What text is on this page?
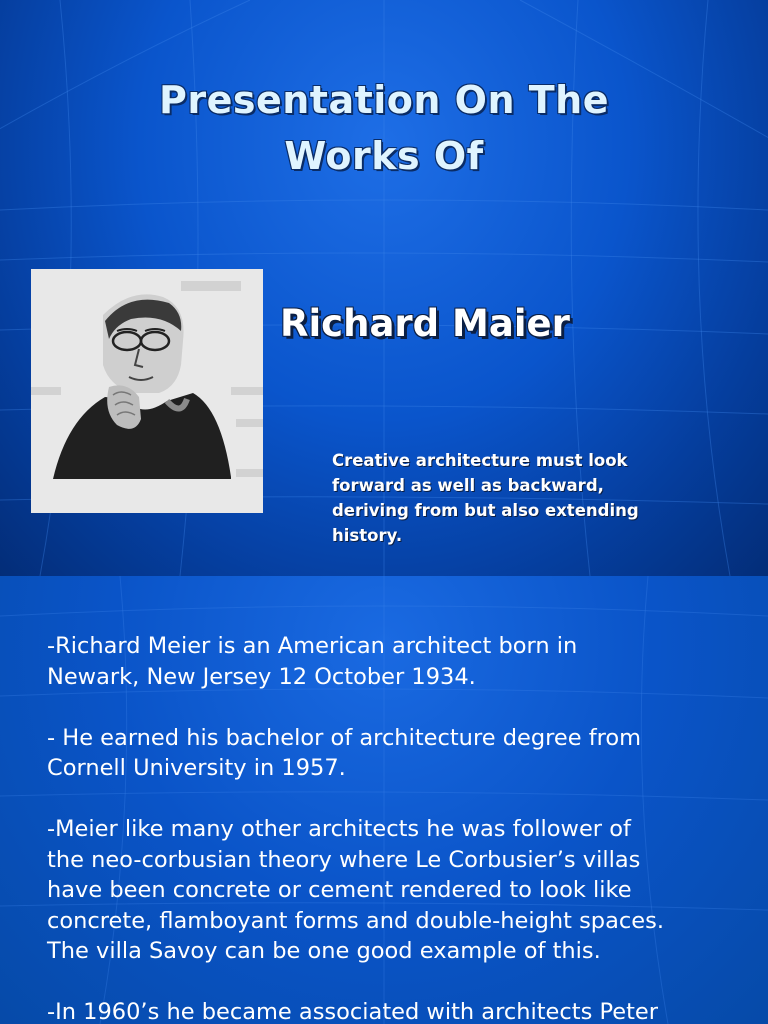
Presentation On The
Works Of
Richard Maier
Creative architecture must look
forward as well as backward,
deriving from but also extending
history.

-Richard Meier is an American architect born in
Newark, New Jersey 12 October 1934.

- He earned his bachelor of architecture degree from
Cornell University in 1957.

-Meier like many other architects he was follower of
the neo-corbusian theory where Le Corbusier’s villas
have been concrete or cement rendered to look like
concrete, flamboyant forms and double-height spaces.
The villa Savoy can be one good example of this.

-In 1960’s he became associated with architects Peter
